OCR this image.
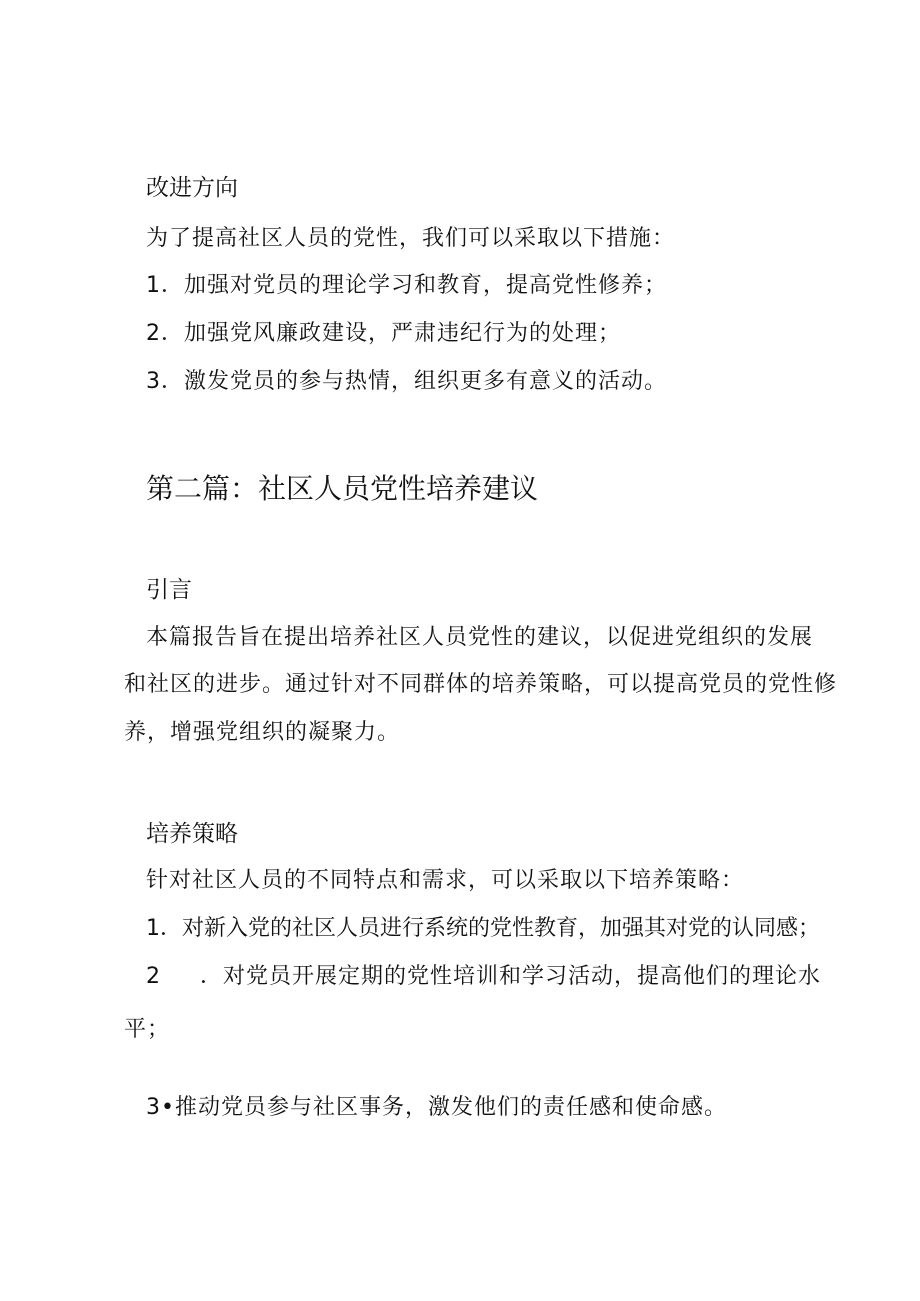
改进方向
为了提高社区人员的党性，我们可以采取以下措施：
1．加强对党员的理论学习和教育，提高党性修养；
2．加强党风廉政建设，严肃违纪行为的处理；
3．激发党员的参与热情，组织更多有意义的活动。
第二篇：社区人员党性培养建议
引言
本篇报告旨在提出培养社区人员党性的建议，以促进党组织的发展
和社区的进步。通过针对不同群体的培养策略，可以提高党员的党性修
养，增强党组织的凝聚力。
培养策略
针对社区人员的不同特点和需求，可以采取以下培养策略：
1．对新入党的社区人员进行系统的党性教育，加强其对党的认同感；
2 ．对党员开展定期的党性培训和学习活动，提高他们的理论水
平；
3•推动党员参与社区事务，激发他们的责任感和使命感。
